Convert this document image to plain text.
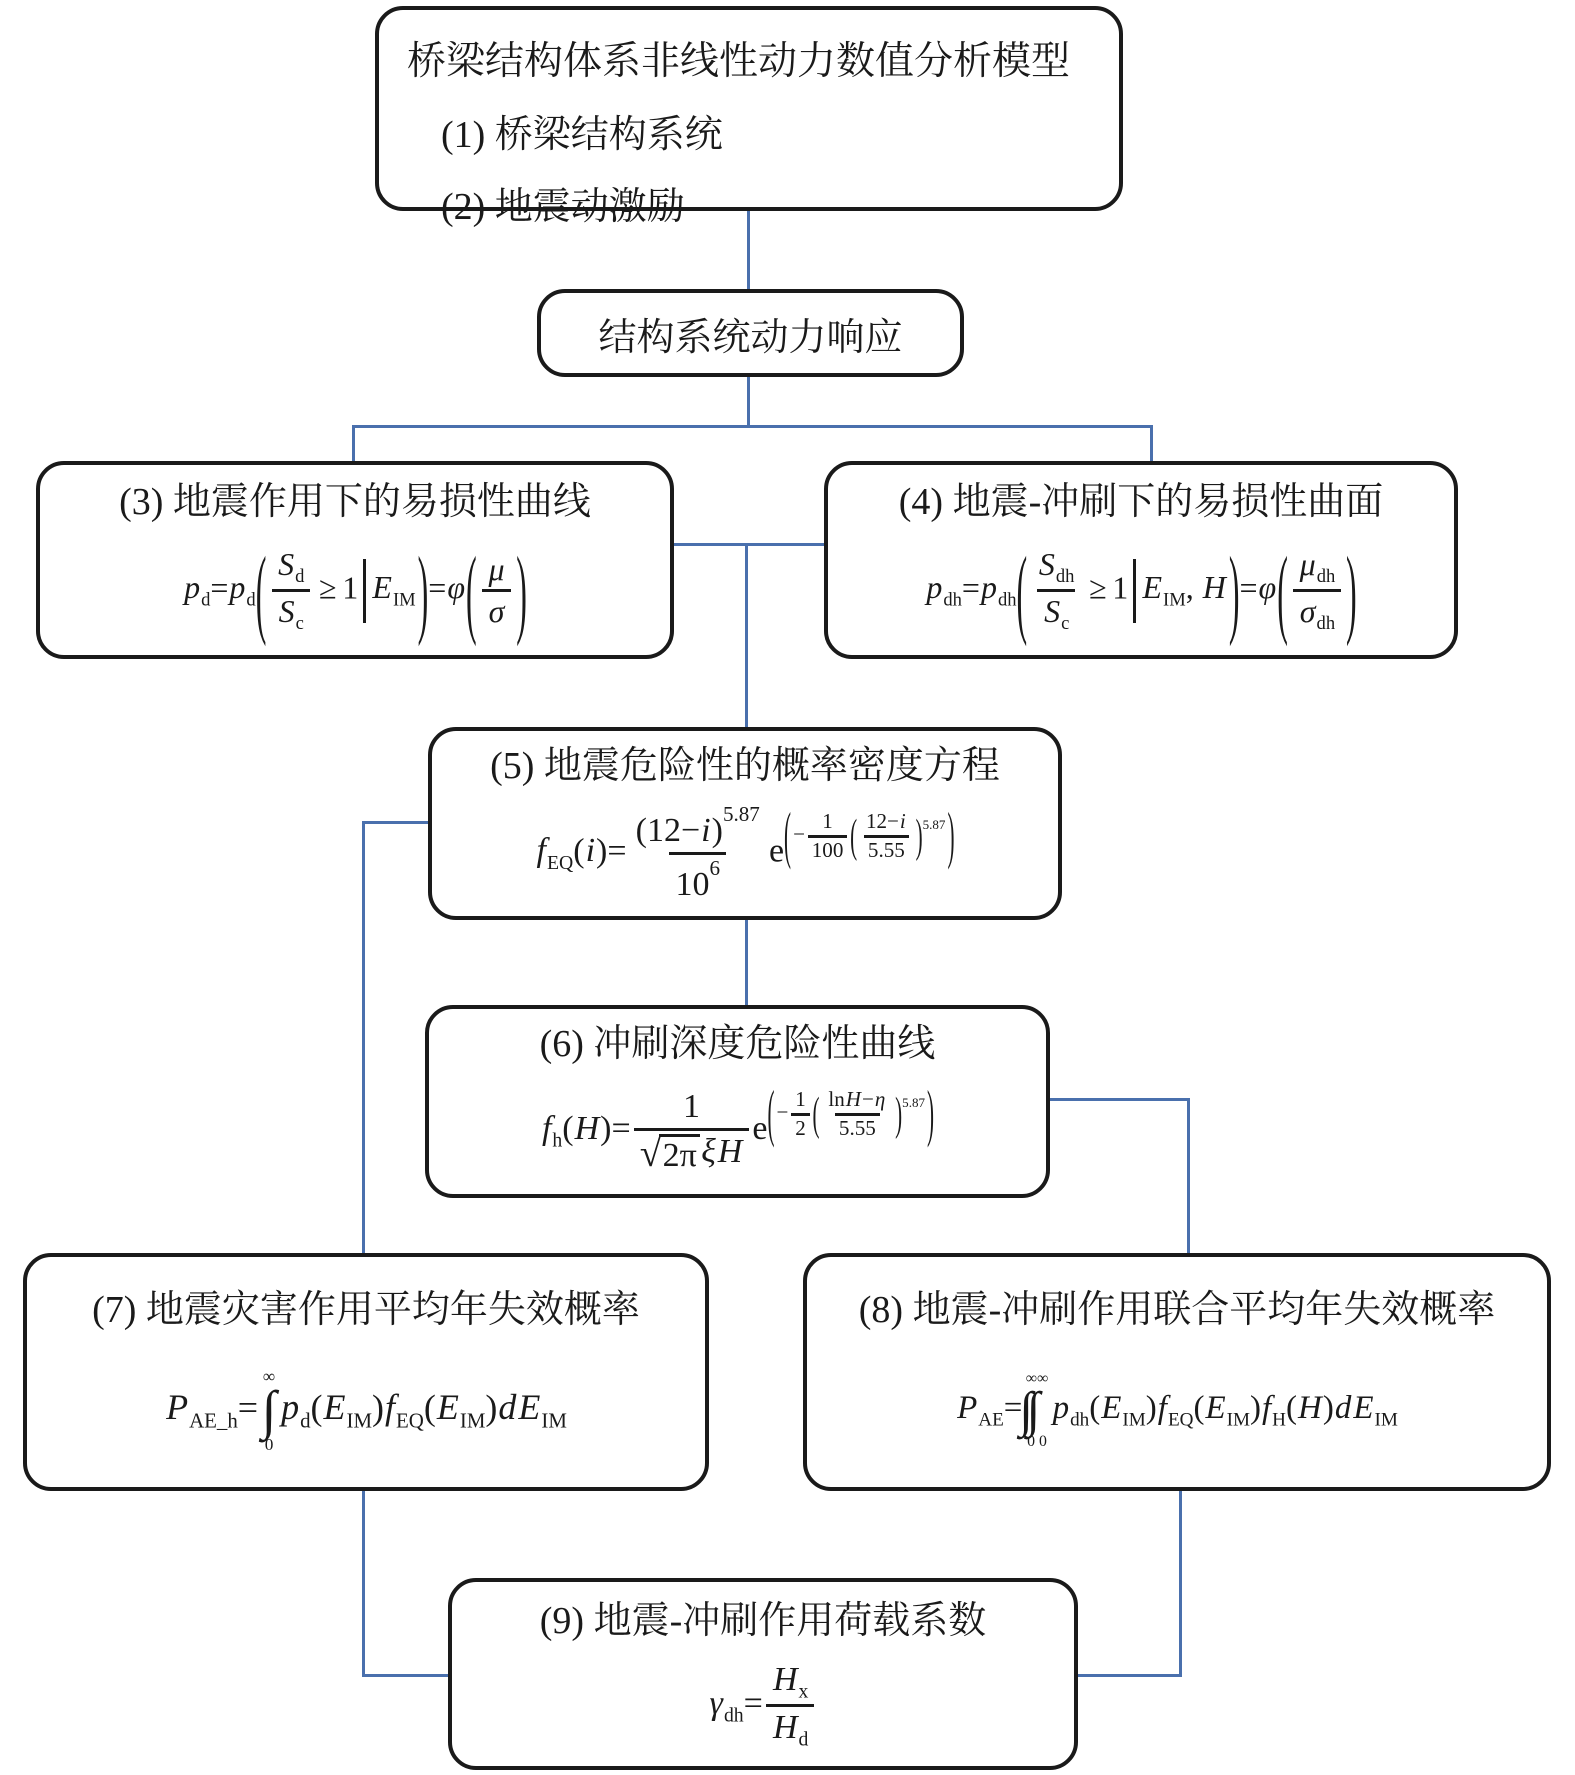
桥梁结构体系非线性动力数值分析模型
(1) 桥梁结构系统
(2) 地震动激励
结构系统动力响应
(3) 地震作用下的易损性曲线
$p_d=p_d( \frac{S_d}{S_c} \ge 1$ $E_{IM})=\varphi( \frac{\mu}{\sigma}$ )
(4) 地震-冲刷下的易损性曲面
$p_{dh}=p_{dh}( \frac{S_{dh}}{S_c} \ge 1$ $E_{IM}$, $H)=\varphi( \frac{\mu_{dh}}{\sigma_{dh}}$ )
(5) 地震危险性的概率密度方程
$f_{EQ}(i)= \frac{(12-i)^{5.87}}{10^6} e^{(- \frac{1}{100} ( \frac{12-i}{5.55} )^{5.87})}$
(6) 冲刷深度危险性曲线
$f_h(H)= \frac{1}{\text{√ 2π ξH}} e^{(- \frac{1}{2} ( \frac{\ln H-\eta}{5.55} )^{5.87})}$
(7) 地震灾害作用平均年失效概率
$P_{AE\_h}=$
∞
∫
0
$p_d(E_{IM})f_{EQ}(E_{IM})dE_{IM}$
(8) 地震-冲刷作用联合平均年失效概率
$P_{AE}=$
∞∞
0 0
$p_{dh}(E_{IM})f_{EQ}(E_{IM})f_H(H)dE_{IM}$
(9) 地震-冲刷作用荷载系数
$\gamma_{dh}= \frac{H_x}{H_d}$
